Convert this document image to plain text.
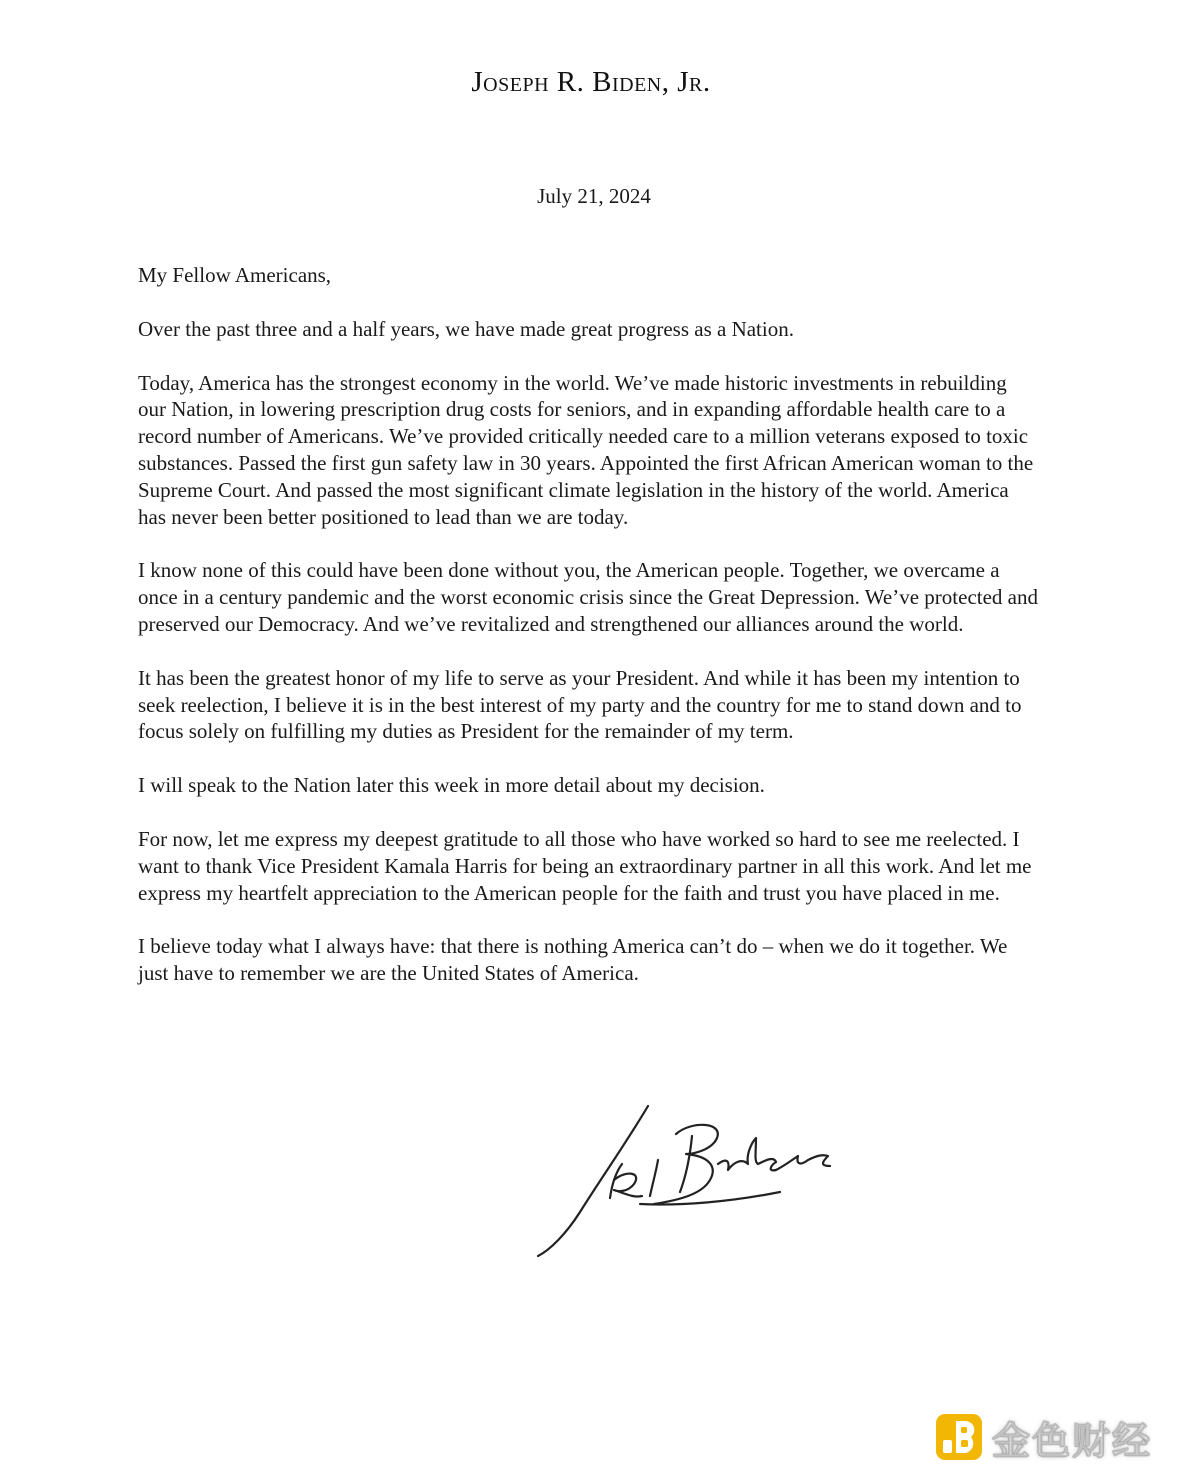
Joseph R. Biden, Jr.
July 21, 2024

My Fellow Americans,

Over the past three and a half years, we have made great progress as a Nation.

Today, America has the strongest economy in the world. We’ve made historic investments in rebuilding our Nation, in lowering prescription drug costs for seniors, and in expanding affordable health care to a record number of Americans. We’ve provided critically needed care to a million veterans exposed to toxic substances. Passed the first gun safety law in 30 years. Appointed the first African American woman to the Supreme Court. And passed the most significant climate legislation in the history of the world. America has never been better positioned to lead than we are today.

I know none of this could have been done without you, the American people. Together, we overcame a once in a century pandemic and the worst economic crisis since the Great Depression. We’ve protected and preserved our Democracy. And we’ve revitalized and strengthened our alliances around the world.

It has been the greatest honor of my life to serve as your President. And while it has been my intention to seek reelection, I believe it is in the best interest of my party and the country for me to stand down and to focus solely on fulfilling my duties as President for the remainder of my term.

I will speak to the Nation later this week in more detail about my decision.

For now, let me express my deepest gratitude to all those who have worked so hard to see me reelected. I want to thank Vice President Kamala Harris for being an extraordinary partner in all this work. And let me express my heartfelt appreciation to the American people for the faith and trust you have placed in me.

I believe today what I always have: that there is nothing America can’t do – when we do it together. We just have to remember we are the United States of America.

金色财经
